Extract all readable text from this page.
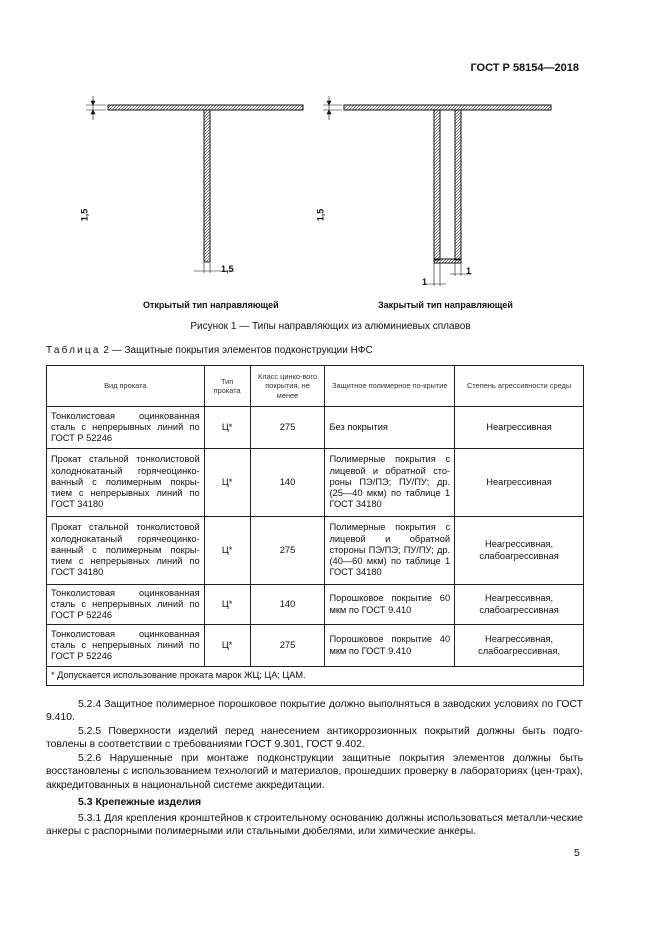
ГОСТ Р 58154—2018
1,5
1,5
1,5
1
1
Открытый тип направляющей	Закрытый тип направляющей
Рисунок 1 — Типы направляющих из алюминиевых сплавов
Таблица 2 — Защитные покрытия элементов подконструкции НФС
Вид проката	Тип проката	Класс цинко-вого покрытия, не менее	Защитное полимерное по-крытие	Степень агрессивности среды
Тонколистовая оцинкованная сталь с непрерывных линий по ГОСТ Р 52246	Ц*	275	Без покрытия	Неагрессивная
Прокат стальной тонколистовой холоднокатаный горячеоцинко-ванный с полимерным покры-тием с непрерывных линий по ГОСТ 34180	Ц*	140	Полимерные покрытия с лицевой и обратной сто-роны ПЭ/ПЭ; ПУ/ПУ; др. (25—40 мкм) по таблице 1 ГОСТ 34180	Неагрессивная
Прокат стальной тонколистовой холоднокатаный горячеоцинко-ванный с полимерным покры-тием с непрерывных линий по ГОСТ 34180	Ц*	275	Полимерные покрытия с лицевой и обратной стороны ПЭ/ПЭ; ПУ/ПУ; др. (40—60 мкм) по таблице 1 ГОСТ 34180	Неагрессивная, слабоагрессивная
Тонколистовая оцинкованная сталь с непрерывных линий по ГОСТ Р 52246	Ц*	140	Порошковое покрытие 60 мкм по ГОСТ 9.410	Неагрессивная, слабоагрессивная
Тонколистовая оцинкованная сталь с непрерывных линий по ГОСТ Р 52246	Ц*	275	Порошковое покрытие 40 мкм по ГОСТ 9.410	Неагрессивная, слабоагрессивная,
* Допускается использование проката марок ЖЦ; ЦА; ЦАМ.				
5.2.4 Защитное полимерное порошковое покрытие должно выполняться в заводских условиях по ГОСТ 9.410.
5.2.5 Поверхности изделий перед нанесением антикоррозионных покрытий должны быть подго-товлены в соответствии с требованиями ГОСТ 9.301, ГОСТ 9.402.
5.2.6 Нарушенные при монтаже подконструкции защитные покрытия элементов должны быть восстановлены с использованием технологий и материалов, прошедших проверку в лабораториях (цен-трах), аккредитованных в национальной системе аккредитации.
5.3 Крепежные изделия
5.3.1 Для крепления кронштейнов к строительному основанию должны использоваться металли-ческие анкеры с распорными полимерными или стальными дюбелями, или химические анкеры.
5
